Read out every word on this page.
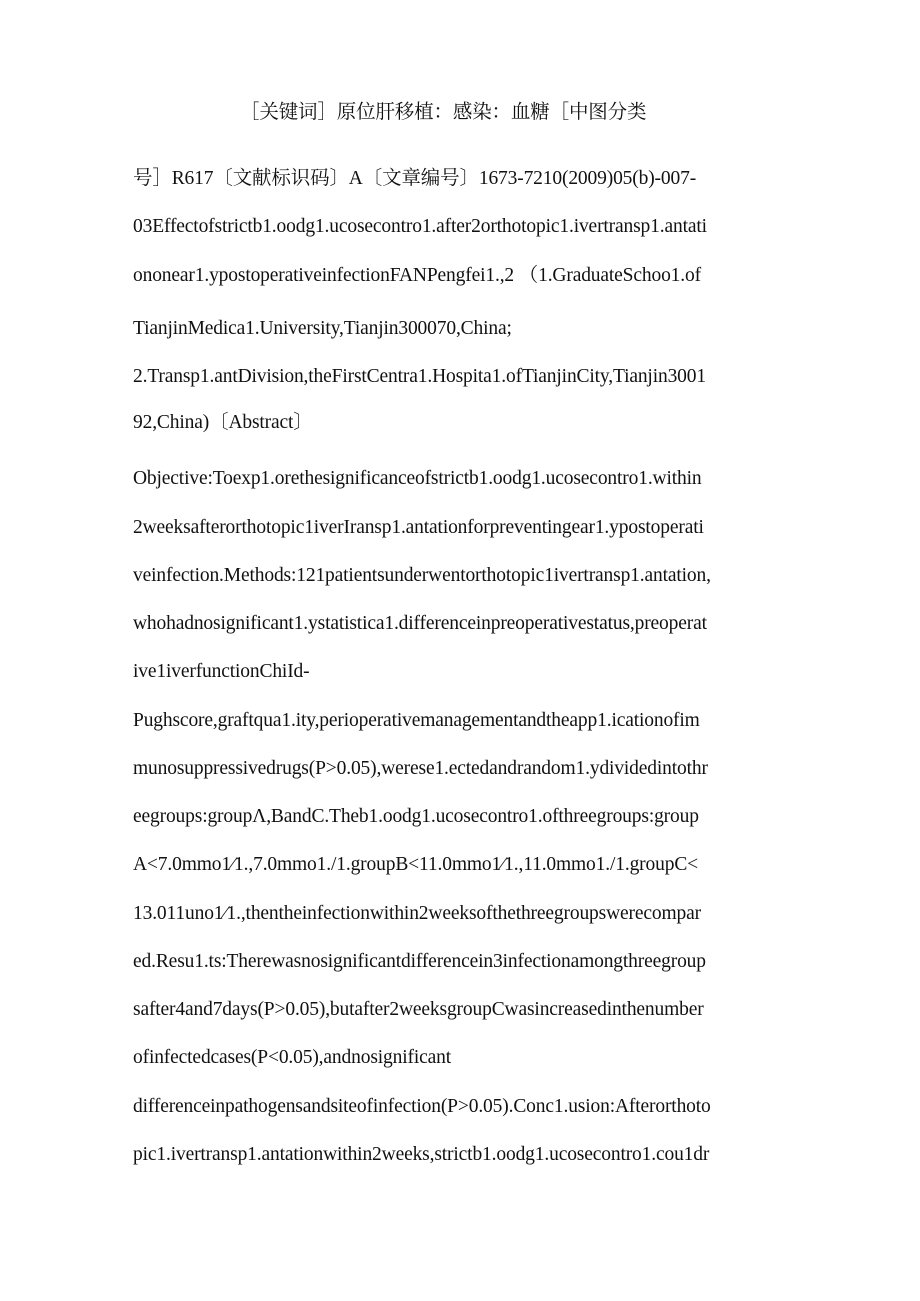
［关键词］原位肝移植：感染：血糖［中图分类
号］R617〔文献标识码〕A〔文章编号〕1673-7210(2009)05(b)-007-
03Effectofstrictb1.oodg1.ucosecontro1.after2orthotopic1.ivertransp1.antati
ononear1.ypostoperativeinfectionFANPengfei1.,2 （1.GraduateSchoo1.of
TianjinMedica1.University,Tianjin300070,China;
2.Transp1.antDivision,theFirstCentra1.Hospita1.ofTianjinCity,Tianjin3001
92,China)〔Abstract〕
Objective:Toexp1.orethesignificanceofstrictb1.oodg1.ucosecontro1.within
2weeksafterorthotopic1iverIransp1.antationforpreventingear1.ypostoperati
veinfection.Methods:121patientsunderwentorthotopic1ivertransp1.antation,
whohadnosignificant1.ystatistica1.differenceinpreoperativestatus,preoperat
ive1iverfunctionChiId-
Pughscore,graftqua1.ity,perioperativemanagementandtheapp1.icationofim
munosuppressivedrugs(P>0.05),werese1.ectedandrandom1.ydividedintothr
eegroups:groupΛ,BandC.Theb1.oodg1.ucosecontro1.ofthreegroups:group
A<7.0mmo1∕1.,7.0mmo1./1.groupB<11.0mmo1∕1.,11.0mmo1./1.groupC<
13.011uno1∕1.,thentheinfectionwithin2weeksofthethreegroupswerecompar
ed.Resu1.ts:Therewasnosignificantdifferencein3infectionamongthreegroup
safter4and7days(P>0.05),butafter2weeksgroupCwasincreasedinthenumber
ofinfectedcases(P<0.05),andnosignificant
differenceinpathogensandsiteofinfection(P>0.05).Conc1.usion:Afterorthoto
pic1.ivertransp1.antationwithin2weeks,strictb1.oodg1.ucosecontro1.cou1dr
